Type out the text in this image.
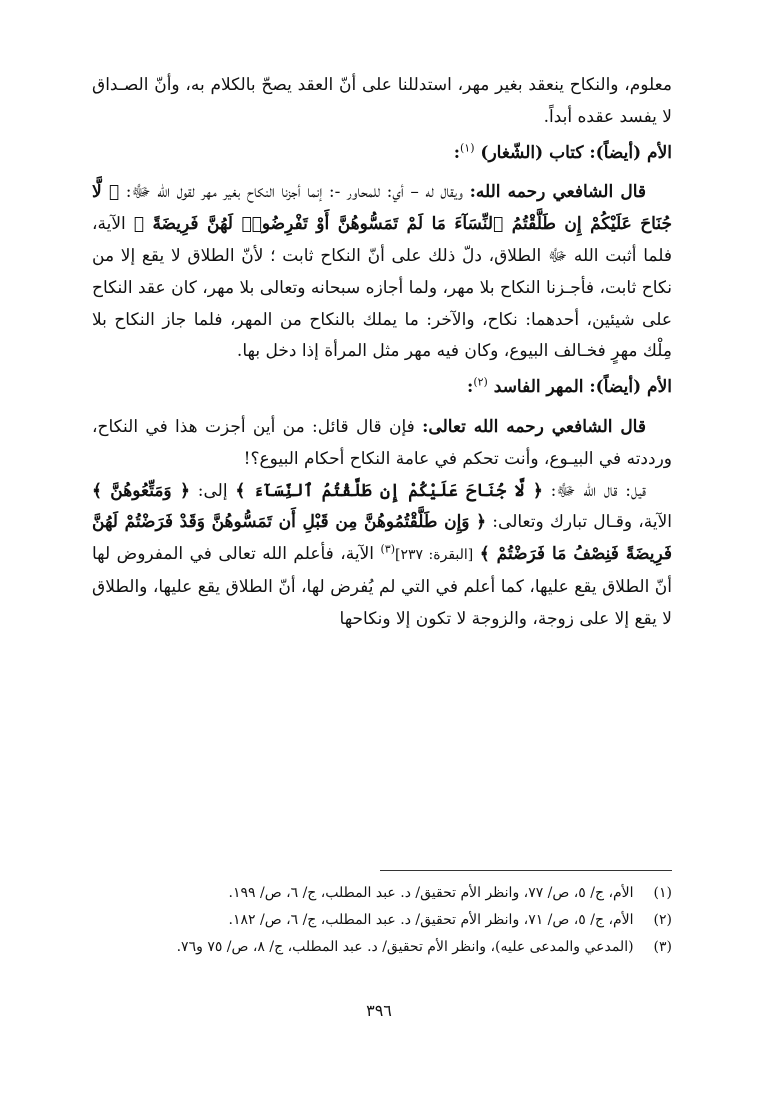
معلوم، والنكاح ينعقد بغير مهر، استدللنا على أنّ العقد يصحّ بالكلام به، وأنّ الصـداق لا يفسد عقده أبداً.

الأم (أيضاً): كتاب (الشّغار) $^{(١)}$:

قال الشافعي رحمه الله: ويقال له – أي: للمحاور -: إنما أجزنا النكاح بغير مهر لقول الله ﷻ: ﴿ لَّا جُنَاحَ عَلَيْكُمْ إِن طَلَّقْتُمُ ٱلنِّسَآءَ مَا لَمْ تَمَسُّوهُنَّ أَوْ تَفْرِضُوا۟ لَهُنَّ فَرِيضَةً ﴾ الآية، فلما أثبت الله ﷻ الطلاق، دلّ ذلك على أنّ النكاح ثابت ؛ لأنّ الطلاق لا يقع إلا من نكاح ثابت، فأجـزنا النكاح بلا مهر، ولما أجازه سبحانه وتعالى بلا مهر، كان عقد النكاح على شيئين، أحدهما: نكاح، والآخر: ما يملك بالنكاح من المهر، فلما جاز النكاح بلا مِلْك مهرٍ فخـالف البيوع، وكان فيه مهر مثل المرأة إذا دخل بها.

الأم (أيضاً): المهر الفاسد $^{(٢)}$:

قال الشافعي رحمه الله تعالى: فإن قال قائل: من أين أجزت هذا في النكاح، ورددته في البيـوع، وأنت تحكم في عامة النكاح أحكام البيوع؟!

قيل: قال الله ﷻ: ﴿ لَّا جُنَاحَ عَلَيْكُمْ إِن طَلَّقْتُمُ ٱلنِّسَآءَ ﴾ إلى: ﴿ وَمَتِّعُوهُنَّ ﴾ الآية، وقـال تبارك وتعالى: ﴿ وَإِن طَلَّقْتُمُوهُنَّ مِن قَبْلِ أَن تَمَسُّوهُنَّ وَقَدْ فَرَضْتُمْ لَهُنَّ فَرِيضَةً فَنِصْفُ مَا فَرَضْتُمْ ﴾ [البقرة: ٢٣٧]$^{(٣)}$ الآية، فأعلم الله تعالى في المفروض لها أنّ الطلاق يقع عليها، كما أعلم في التي لم يُفرض لها، أنّ الطلاق يقع عليها، والطلاق لا يقع إلا على زوجة، والزوجة لا تكون إلا ونكاحها

(١) الأم، ج/ ٥، ص/ ٧٧، وانظر الأم تحقيق/ د. عبد المطلب، ج/ ٦، ص/ ١٩٩.

(٢) الأم، ج/ ٥، ص/ ٧١، وانظر الأم تحقيق/ د. عبد المطلب، ج/ ٦، ص/ ١٨٢.

(٣) (المدعي والمدعى عليه)، وانظر الأم تحقيق/ د. عبد المطلب، ج/ ٨، ص/ ٧٥ و٧٦.

٣٩٦
